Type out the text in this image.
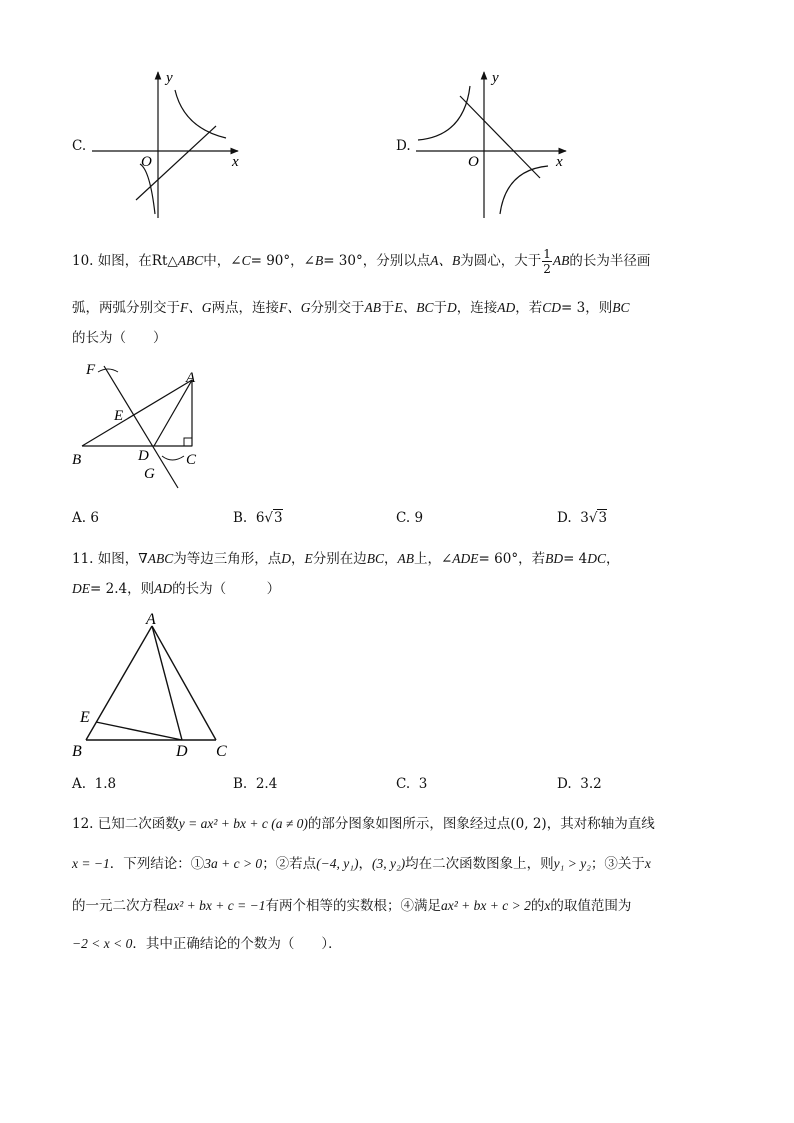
C.
y
x
O
D.
y
x
O
10. 如图，在Rt△ABC中，∠C= 90°，∠B= 30°，分别以点A、B为圆心，大于 $\frac{1}{2}$ AB的长为半径画
弧，两弧分别交于F、G两点，连接F、G分别交于AB于E、BC于D，连接AD，若CD= 3，则BC
的长为（　　）
F	A
E
B	D C
G
A. 6	B. 6√3	C. 9	D. 3√3
11. 如图，∇ABC为等边三角形，点D，E分别在边BC，AB上，∠ADE= 60°，若BD= 4DC，
DE= 2.4，则AD的长为（　　　）
A
E
B	D C
A. 1.8	B. 2.4	C. 3	D. 3.2
12. 已知二次函数y = ax² + bx + c (a ≠ 0)的部分图象如图所示，图象经过点(0, 2)，其对称轴为直线
x = −1．下列结论：①3a + c > 0；②若点(−4, y₁)，(3, y₂)均在二次函数图象上，则y₁ > y₂；③关于x
的一元二次方程ax² + bx + c = −1有两个相等的实数根；④满足ax² + bx + c > 2的x的取值范围为
−2 < x < 0．其中正确结论的个数为（　　）．
